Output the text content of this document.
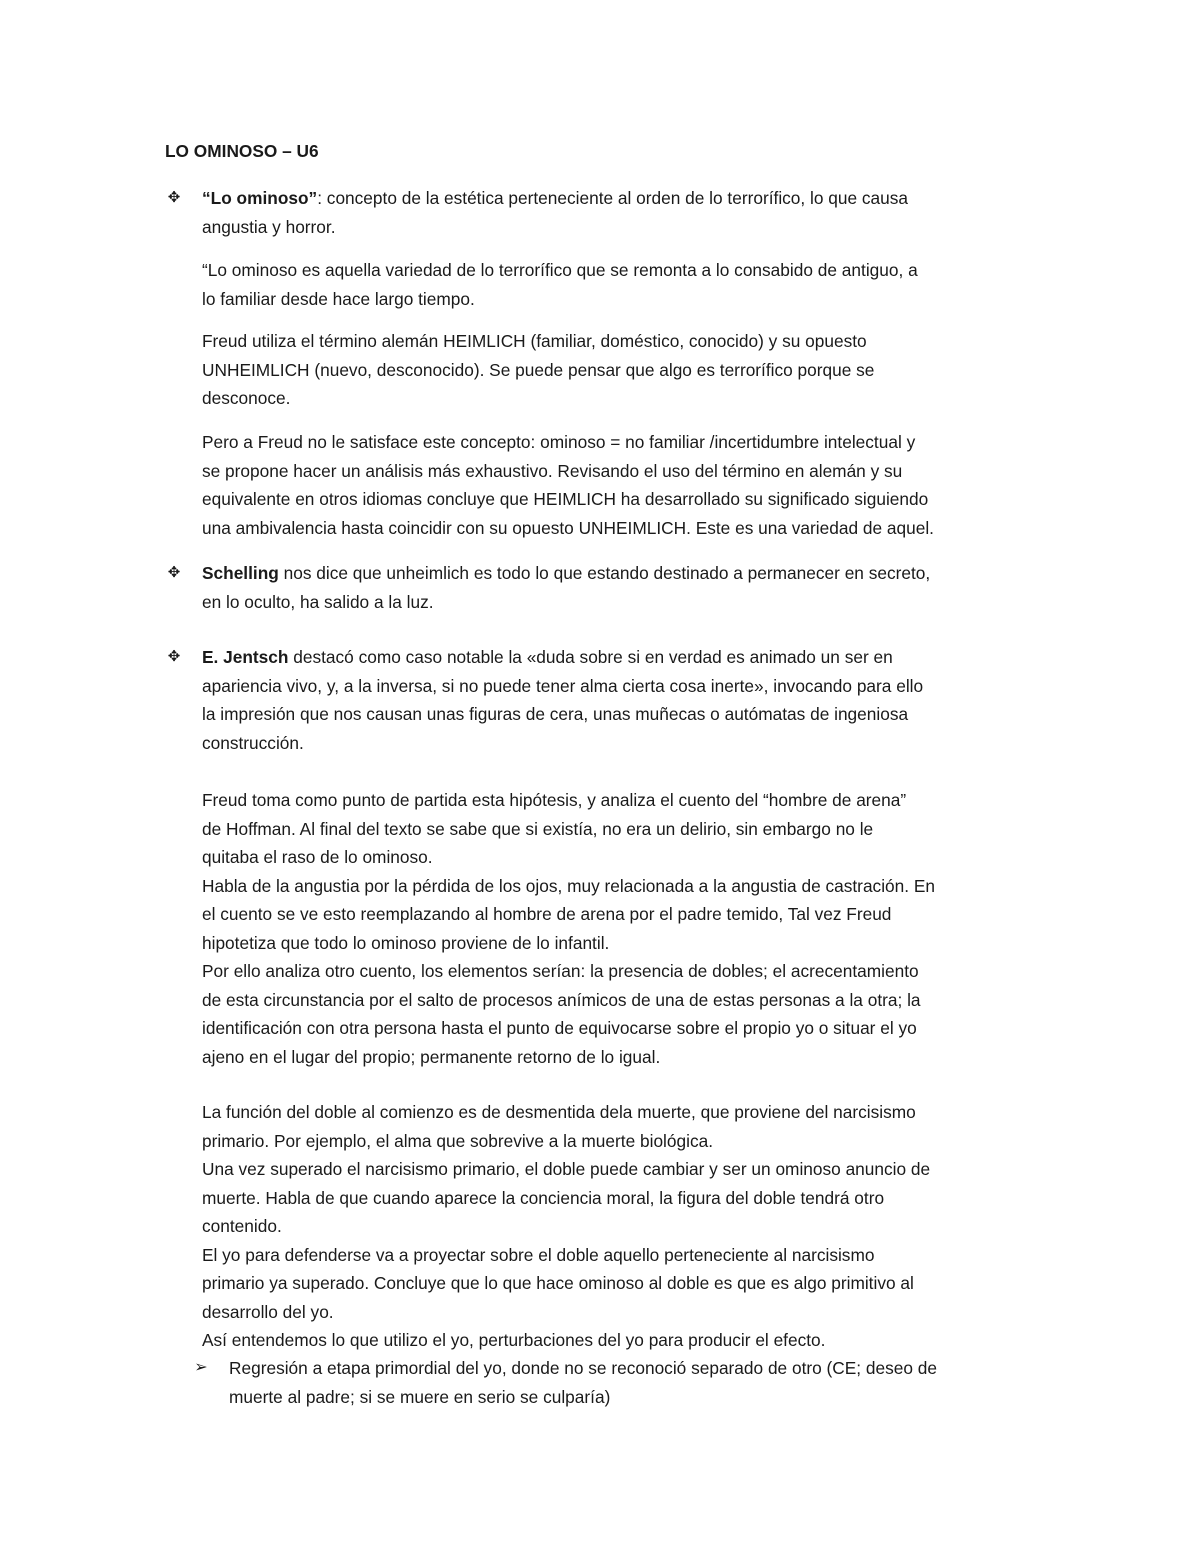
LO OMINOSO – U6

✥ “Lo ominoso”: concepto de la estética perteneciente al orden de lo terrorífico, lo que causa
angustia y horror.
“Lo ominoso es aquella variedad de lo terrorífico que se remonta a lo consabido de antiguo, a
lo familiar desde hace largo tiempo.
Freud utiliza el término alemán HEIMLICH (familiar, doméstico, conocido) y su opuesto
UNHEIMLICH (nuevo, desconocido). Se puede pensar que algo es terrorífico porque se
desconoce.
Pero a Freud no le satisface este concepto: ominoso = no familiar /incertidumbre intelectual y
se propone hacer un análisis más exhaustivo. Revisando el uso del término en alemán y su
equivalente en otros idiomas concluye que HEIMLICH ha desarrollado su significado siguiendo
una ambivalencia hasta coincidir con su opuesto UNHEIMLICH. Este es una variedad de aquel.
✥ Schelling nos dice que unheimlich es todo lo que estando destinado a permanecer en secreto,
en lo oculto, ha salido a la luz.
✥ E. Jentsch destacó como caso notable la «duda sobre si en verdad es animado un ser en
apariencia vivo, y, a la inversa, si no puede tener alma cierta cosa inerte», invocando para ello
la impresión que nos causan unas figuras de cera, unas muñecas o autómatas de ingeniosa
construcción.
Freud toma como punto de partida esta hipótesis, y analiza el cuento del “hombre de arena”
de Hoffman. Al final del texto se sabe que si existía, no era un delirio, sin embargo no le
quitaba el raso de lo ominoso.
Habla de la angustia por la pérdida de los ojos, muy relacionada a la angustia de castración. En
el cuento se ve esto reemplazando al hombre de arena por el padre temido, Tal vez Freud
hipotetiza que todo lo ominoso proviene de lo infantil.
Por ello analiza otro cuento, los elementos serían: la presencia de dobles; el acrecentamiento
de esta circunstancia por el salto de procesos anímicos de una de estas personas a la otra; la
identificación con otra persona hasta el punto de equivocarse sobre el propio yo o situar el yo
ajeno en el lugar del propio; permanente retorno de lo igual.
La función del doble al comienzo es de desmentida dela muerte, que proviene del narcisismo
primario. Por ejemplo, el alma que sobrevive a la muerte biológica.
Una vez superado el narcisismo primario, el doble puede cambiar y ser un ominoso anuncio de
muerte. Habla de que cuando aparece la conciencia moral, la figura del doble tendrá otro
contenido.
El yo para defenderse va a proyectar sobre el doble aquello perteneciente al narcisismo
primario ya superado. Concluye que lo que hace ominoso al doble es que es algo primitivo al
desarrollo del yo.
Así entendemos lo que utilizo el yo, perturbaciones del yo para producir el efecto.
➢ Regresión a etapa primordial del yo, donde no se reconoció separado de otro (CE; deseo de
muerte al padre; si se muere en serio se culparía)
